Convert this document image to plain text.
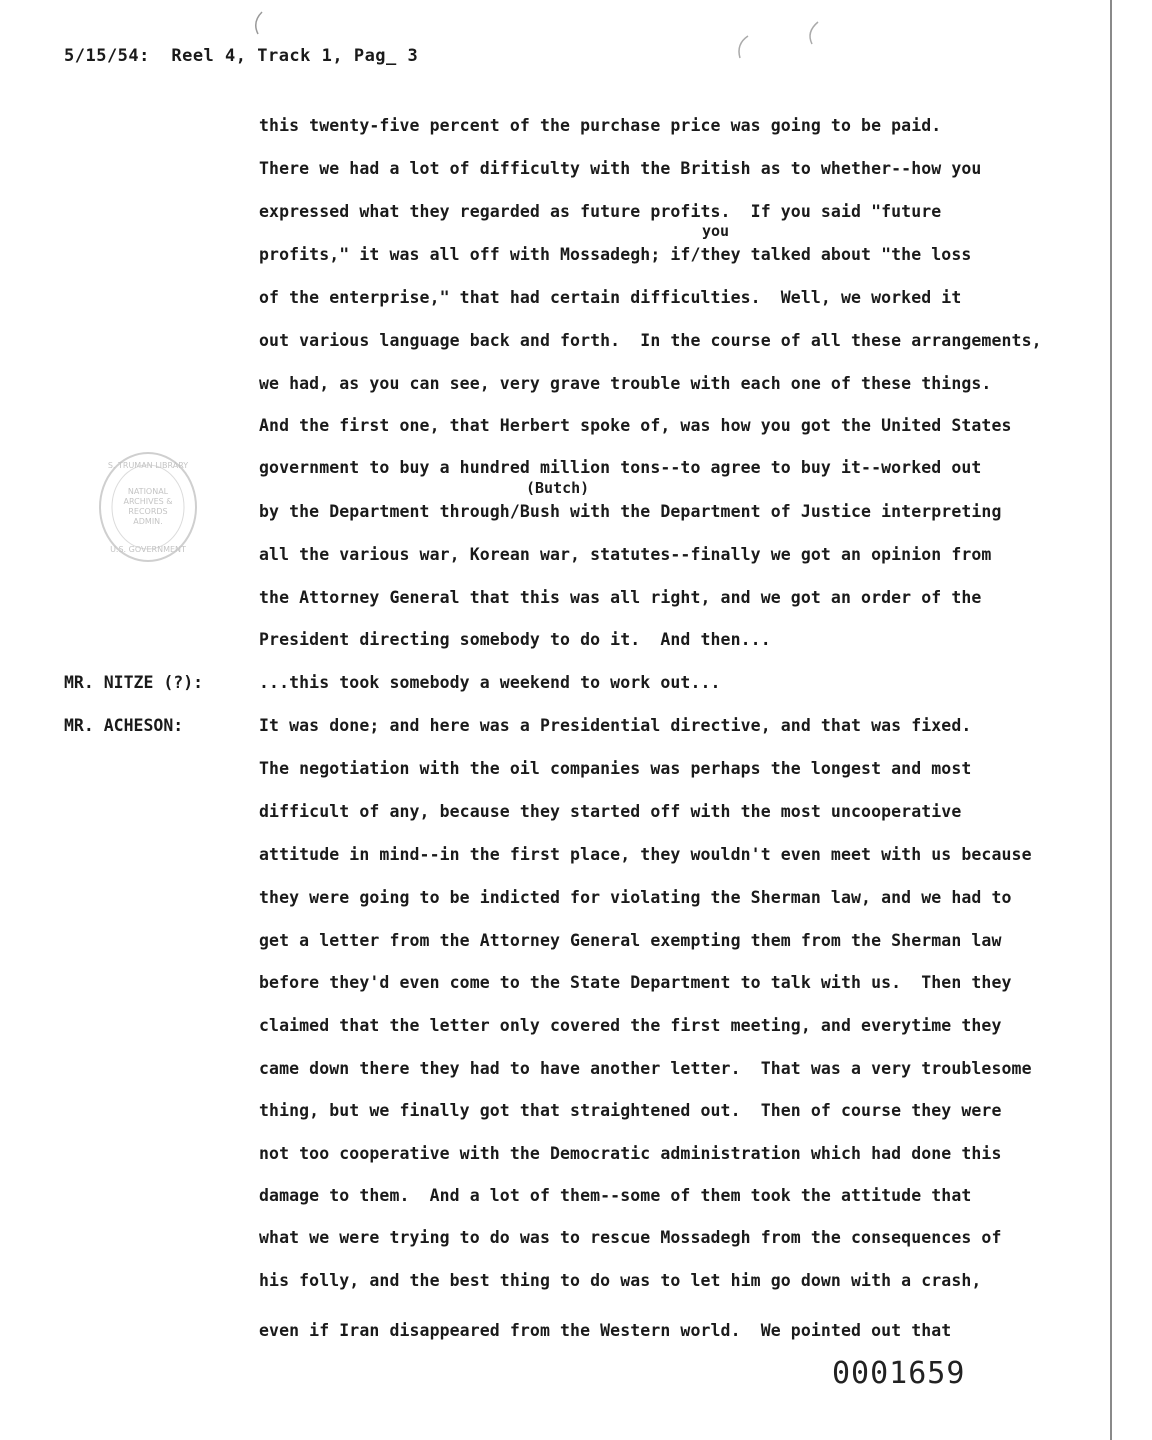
5/15/54:  Reel 4, Track 1, Pag_ 3
this twenty-five percent of the purchase price was going to be paid.
There we had a lot of difficulty with the British as to whether--how you
expressed what they regarded as future profits.  If you said "future
you
profits," it was all off with Mossadegh; if/they talked about "the loss
of the enterprise," that had certain difficulties.  Well, we worked it
out various language back and forth.  In the course of all these arrangements,
we had, as you can see, very grave trouble with each one of these things.
And the first one, that Herbert spoke of, was how you got the United States
government to buy a hundred million tons--to agree to buy it--worked out
(Butch)
by the Department through/Bush with the Department of Justice interpreting
all the various war, Korean war, statutes--finally we got an opinion from
the Attorney General that this was all right, and we got an order of the
President directing somebody to do it.  And then...
S. TRUMAN LIBRARY
NATIONAL
ARCHIVES &
RECORDS
ADMIN.
U.S. GOVERNMENT
MR. NITZE (?):	...this took somebody a weekend to work out...
MR. ACHESON:	It was done; and here was a Presidential directive, and that was fixed.
The negotiation with the oil companies was perhaps the longest and most
difficult of any, because they started off with the most uncooperative
attitude in mind--in the first place, they wouldn't even meet with us because
they were going to be indicted for violating the Sherman law, and we had to
get a letter from the Attorney General exempting them from the Sherman law
before they'd even come to the State Department to talk with us.  Then they
claimed that the letter only covered the first meeting, and everytime they
came down there they had to have another letter.  That was a very troublesome
thing, but we finally got that straightened out.  Then of course they were
not too cooperative with the Democratic administration which had done this
damage to them.  And a lot of them--some of them took the attitude that
what we were trying to do was to rescue Mossadegh from the consequences of
his folly, and the best thing to do was to let him go down with a crash,
even if Iran disappeared from the Western world.  We pointed out that
0001659
